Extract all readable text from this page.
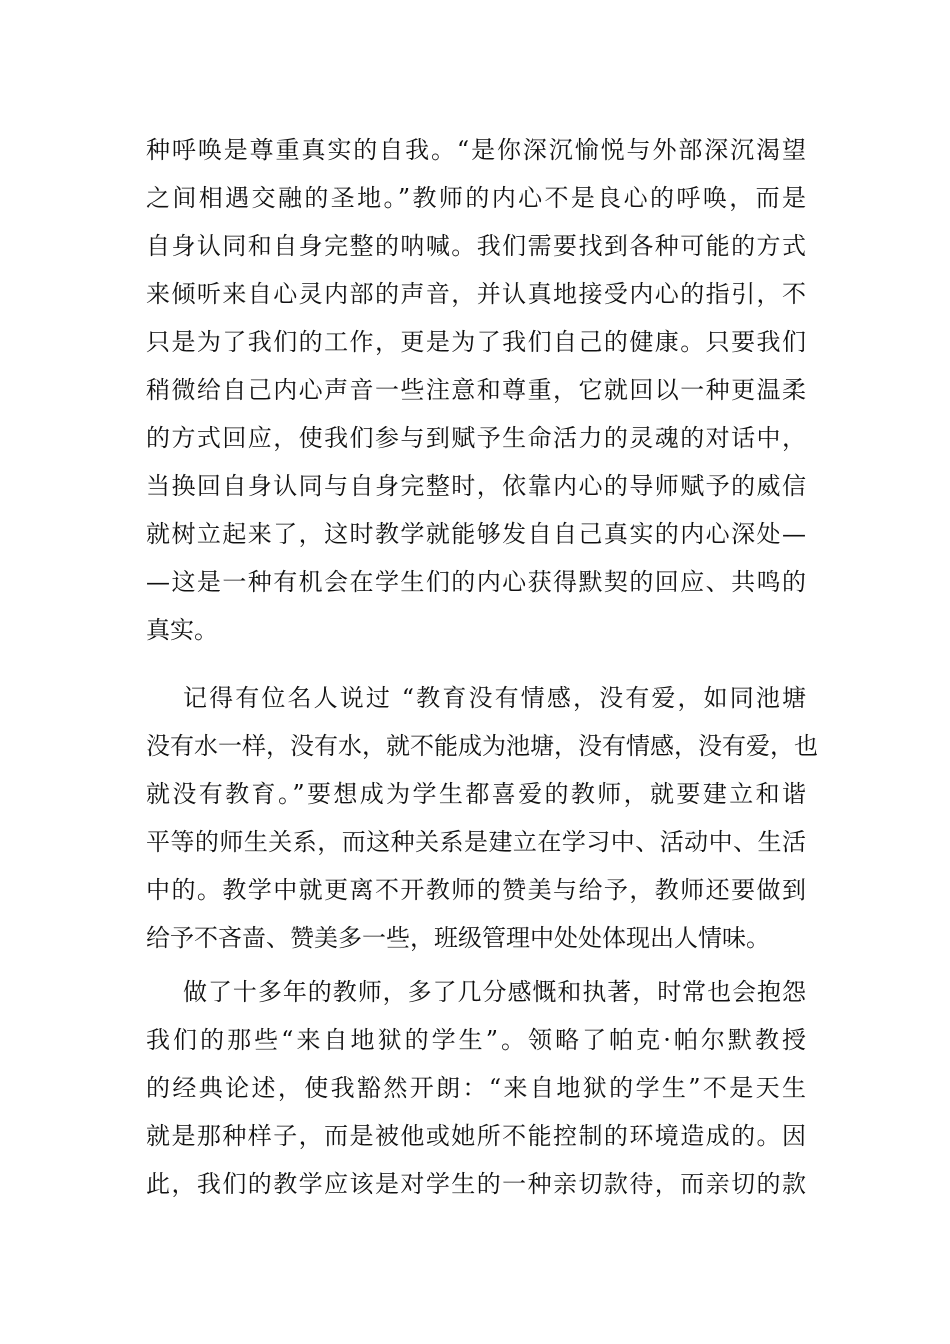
种呼唤是尊重真实的自我。“是你深沉愉悦与外部深沉渴望
之间相遇交融的圣地。”教师的内心不是良心的呼唤，而是
自身认同和自身完整的呐喊。我们需要找到各种可能的方式
来倾听来自心灵内部的声音，并认真地接受内心的指引，不
只是为了我们的工作，更是为了我们自己的健康。只要我们
稍微给自己内心声音一些注意和尊重，它就回以一种更温柔
的方式回应，使我们参与到赋予生命活力的灵魂的对话中，
当换回自身认同与自身完整时，依靠内心的导师赋予的威信
就树立起来了，这时教学就能够发自自己真实的内心深处—
—这是一种有机会在学生们的内心获得默契的回应、共鸣的
真实。
记得有位名人说过 “教育没有情感，没有爱，如同池塘
没有水一样，没有水，就不能成为池塘，没有情感，没有爱，也
就没有教育。”要想成为学生都喜爱的教师，就要建立和谐
平等的师生关系，而这种关系是建立在学习中、活动中、生活
中的。教学中就更离不开教师的赞美与给予，教师还要做到
给予不吝啬、赞美多一些，班级管理中处处体现出人情味。
做了十多年的教师，多了几分感慨和执著，时常也会抱怨
我们的那些“来自地狱的学生”。领略了帕克·帕尔默教授
的经典论述，使我豁然开朗：“来自地狱的学生”不是天生
就是那种样子，而是被他或她所不能控制的环境造成的。因
此，我们的教学应该是对学生的一种亲切款待，而亲切的款
